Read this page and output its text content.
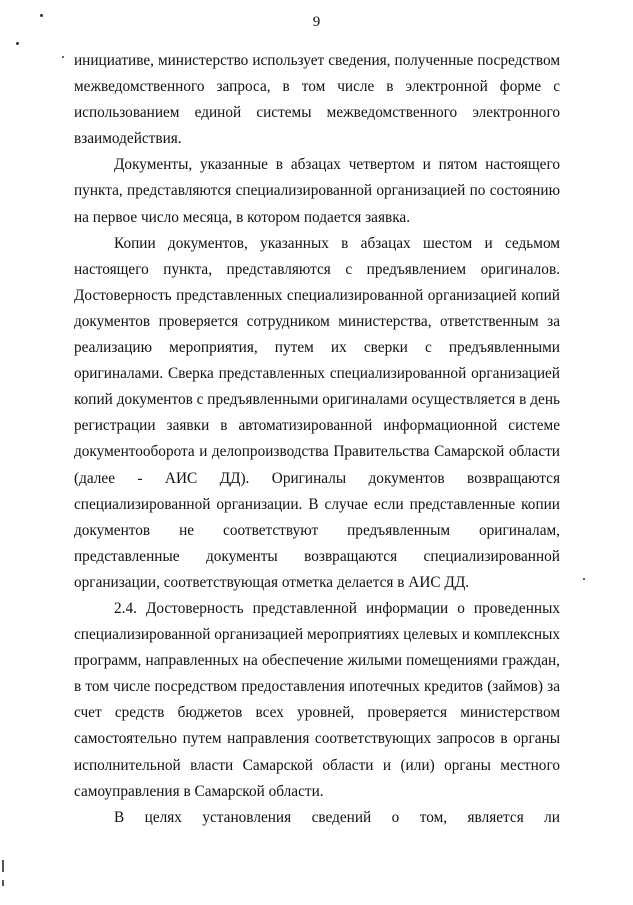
9

инициативе, министерство использует сведения, полученные посредством межведомственного запроса, в том числе в электронной форме с использованием единой системы межведомственного электронного взаимодействия.

Документы, указанные в абзацах четвертом и пятом настоящего пункта, представляются специализированной организацией по состоянию на первое число месяца, в котором подается заявка.

Копии документов, указанных в абзацах шестом и седьмом настоящего пункта, представляются с предъявлением оригиналов. Достоверность представленных специализированной организацией копий документов проверяется сотрудником министерства, ответственным за реализацию мероприятия, путем их сверки с предъявленными оригиналами. Сверка представленных специализированной организацией копий документов с предъявленными оригиналами осуществляется в день регистрации заявки в автоматизированной информационной системе документооборота и делопроизводства Правительства Самарской области (далее - АИС ДД). Оригиналы документов возвращаются специализированной организации. В случае если представленные копии документов не соответствуют предъявленным оригиналам, представленные документы возвращаются специализированной организации, соответствующая отметка делается в АИС ДД.

2.4. Достоверность представленной информации о проведенных специализированной организацией мероприятиях целевых и комплексных программ, направленных на обеспечение жилыми помещениями граждан, в том числе посредством предоставления ипотечных кредитов (займов) за счет средств бюджетов всех уровней, проверяется министерством самостоятельно путем направления соответствующих запросов в органы исполнительной власти Самарской области и (или) органы местного самоуправления в Самарской области.

В целях установления сведений о том, является ли
